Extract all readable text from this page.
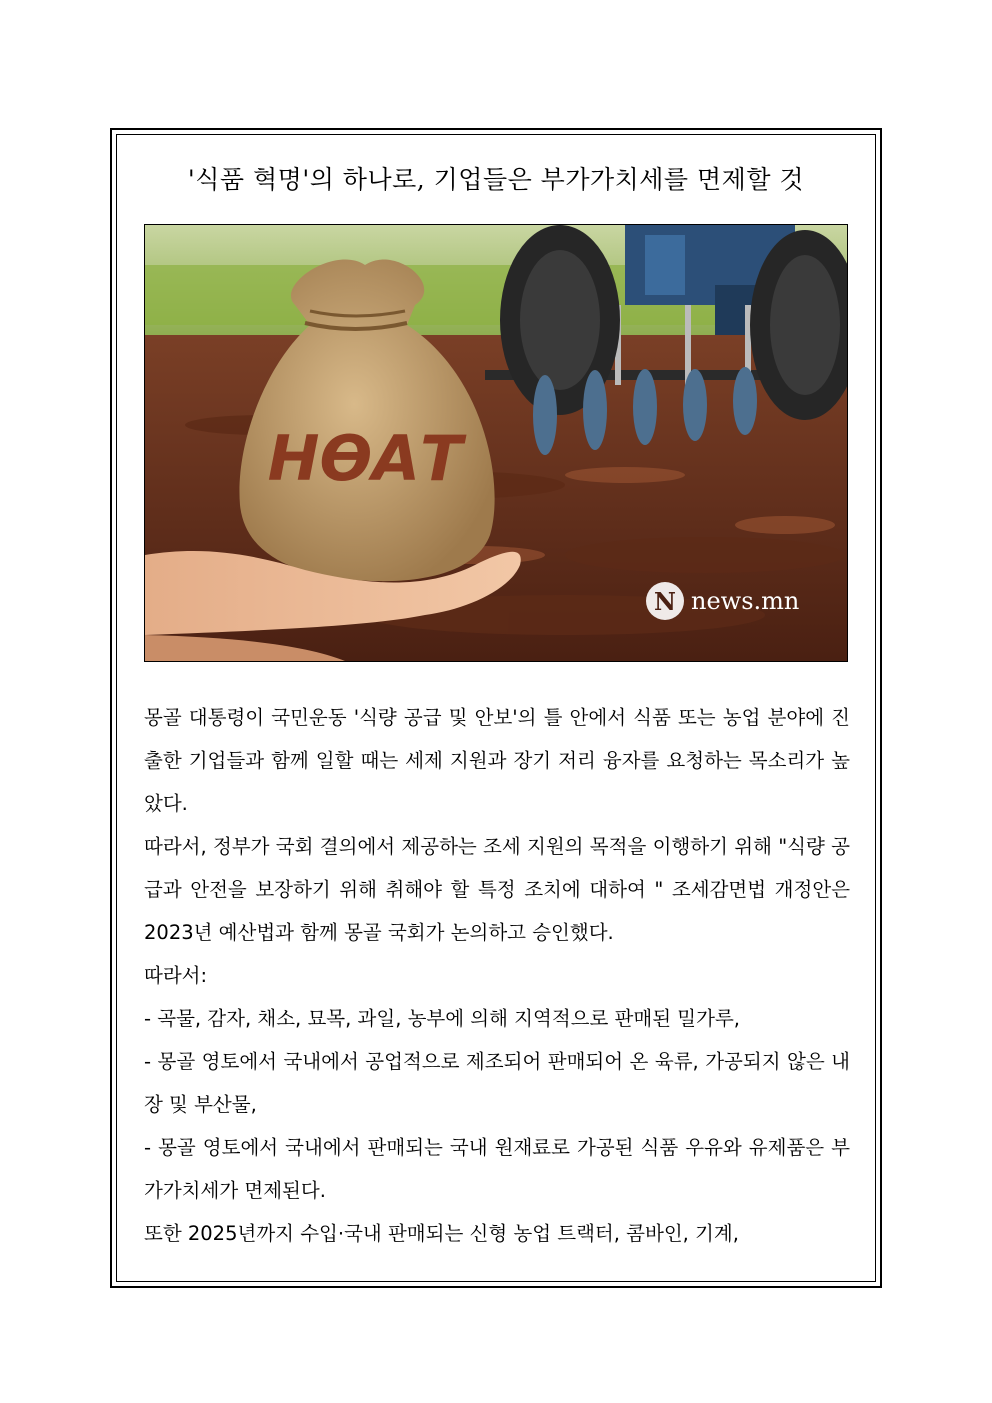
'식품 혁명'의 하나로, 기업들은 부가가치세를 면제할 것
НӨАТ
N news.mn

몽골 대통령이 국민운동 '식량 공급 및 안보'의 틀 안에서 식품 또는 농업 분야에 진출한 기업들과 함께 일할 때는 세제 지원과 장기 저리 융자를 요청하는 목소리가 높았다.

따라서, 정부가 국회 결의에서 제공하는 조세 지원의 목적을 이행하기 위해 "식량 공급과 안전을 보장하기 위해 취해야 할 특정 조치에 대하여 " 조세감면법 개정안은 2023년 예산법과 함께 몽골 국회가 논의하고 승인했다.

따라서:

- 곡물, 감자, 채소, 묘목, 과일, 농부에 의해 지역적으로 판매된 밀가루,

- 몽골 영토에서 국내에서 공업적으로 제조되어 판매되어 온 육류, 가공되지 않은 내장 및 부산물,

- 몽골 영토에서 국내에서 판매되는 국내 원재료로 가공된 식품 우유와 유제품은 부가가치세가 면제된다.

또한 2025년까지 수입·국내 판매되는 신형 농업 트랙터, 콤바인, 기계,
